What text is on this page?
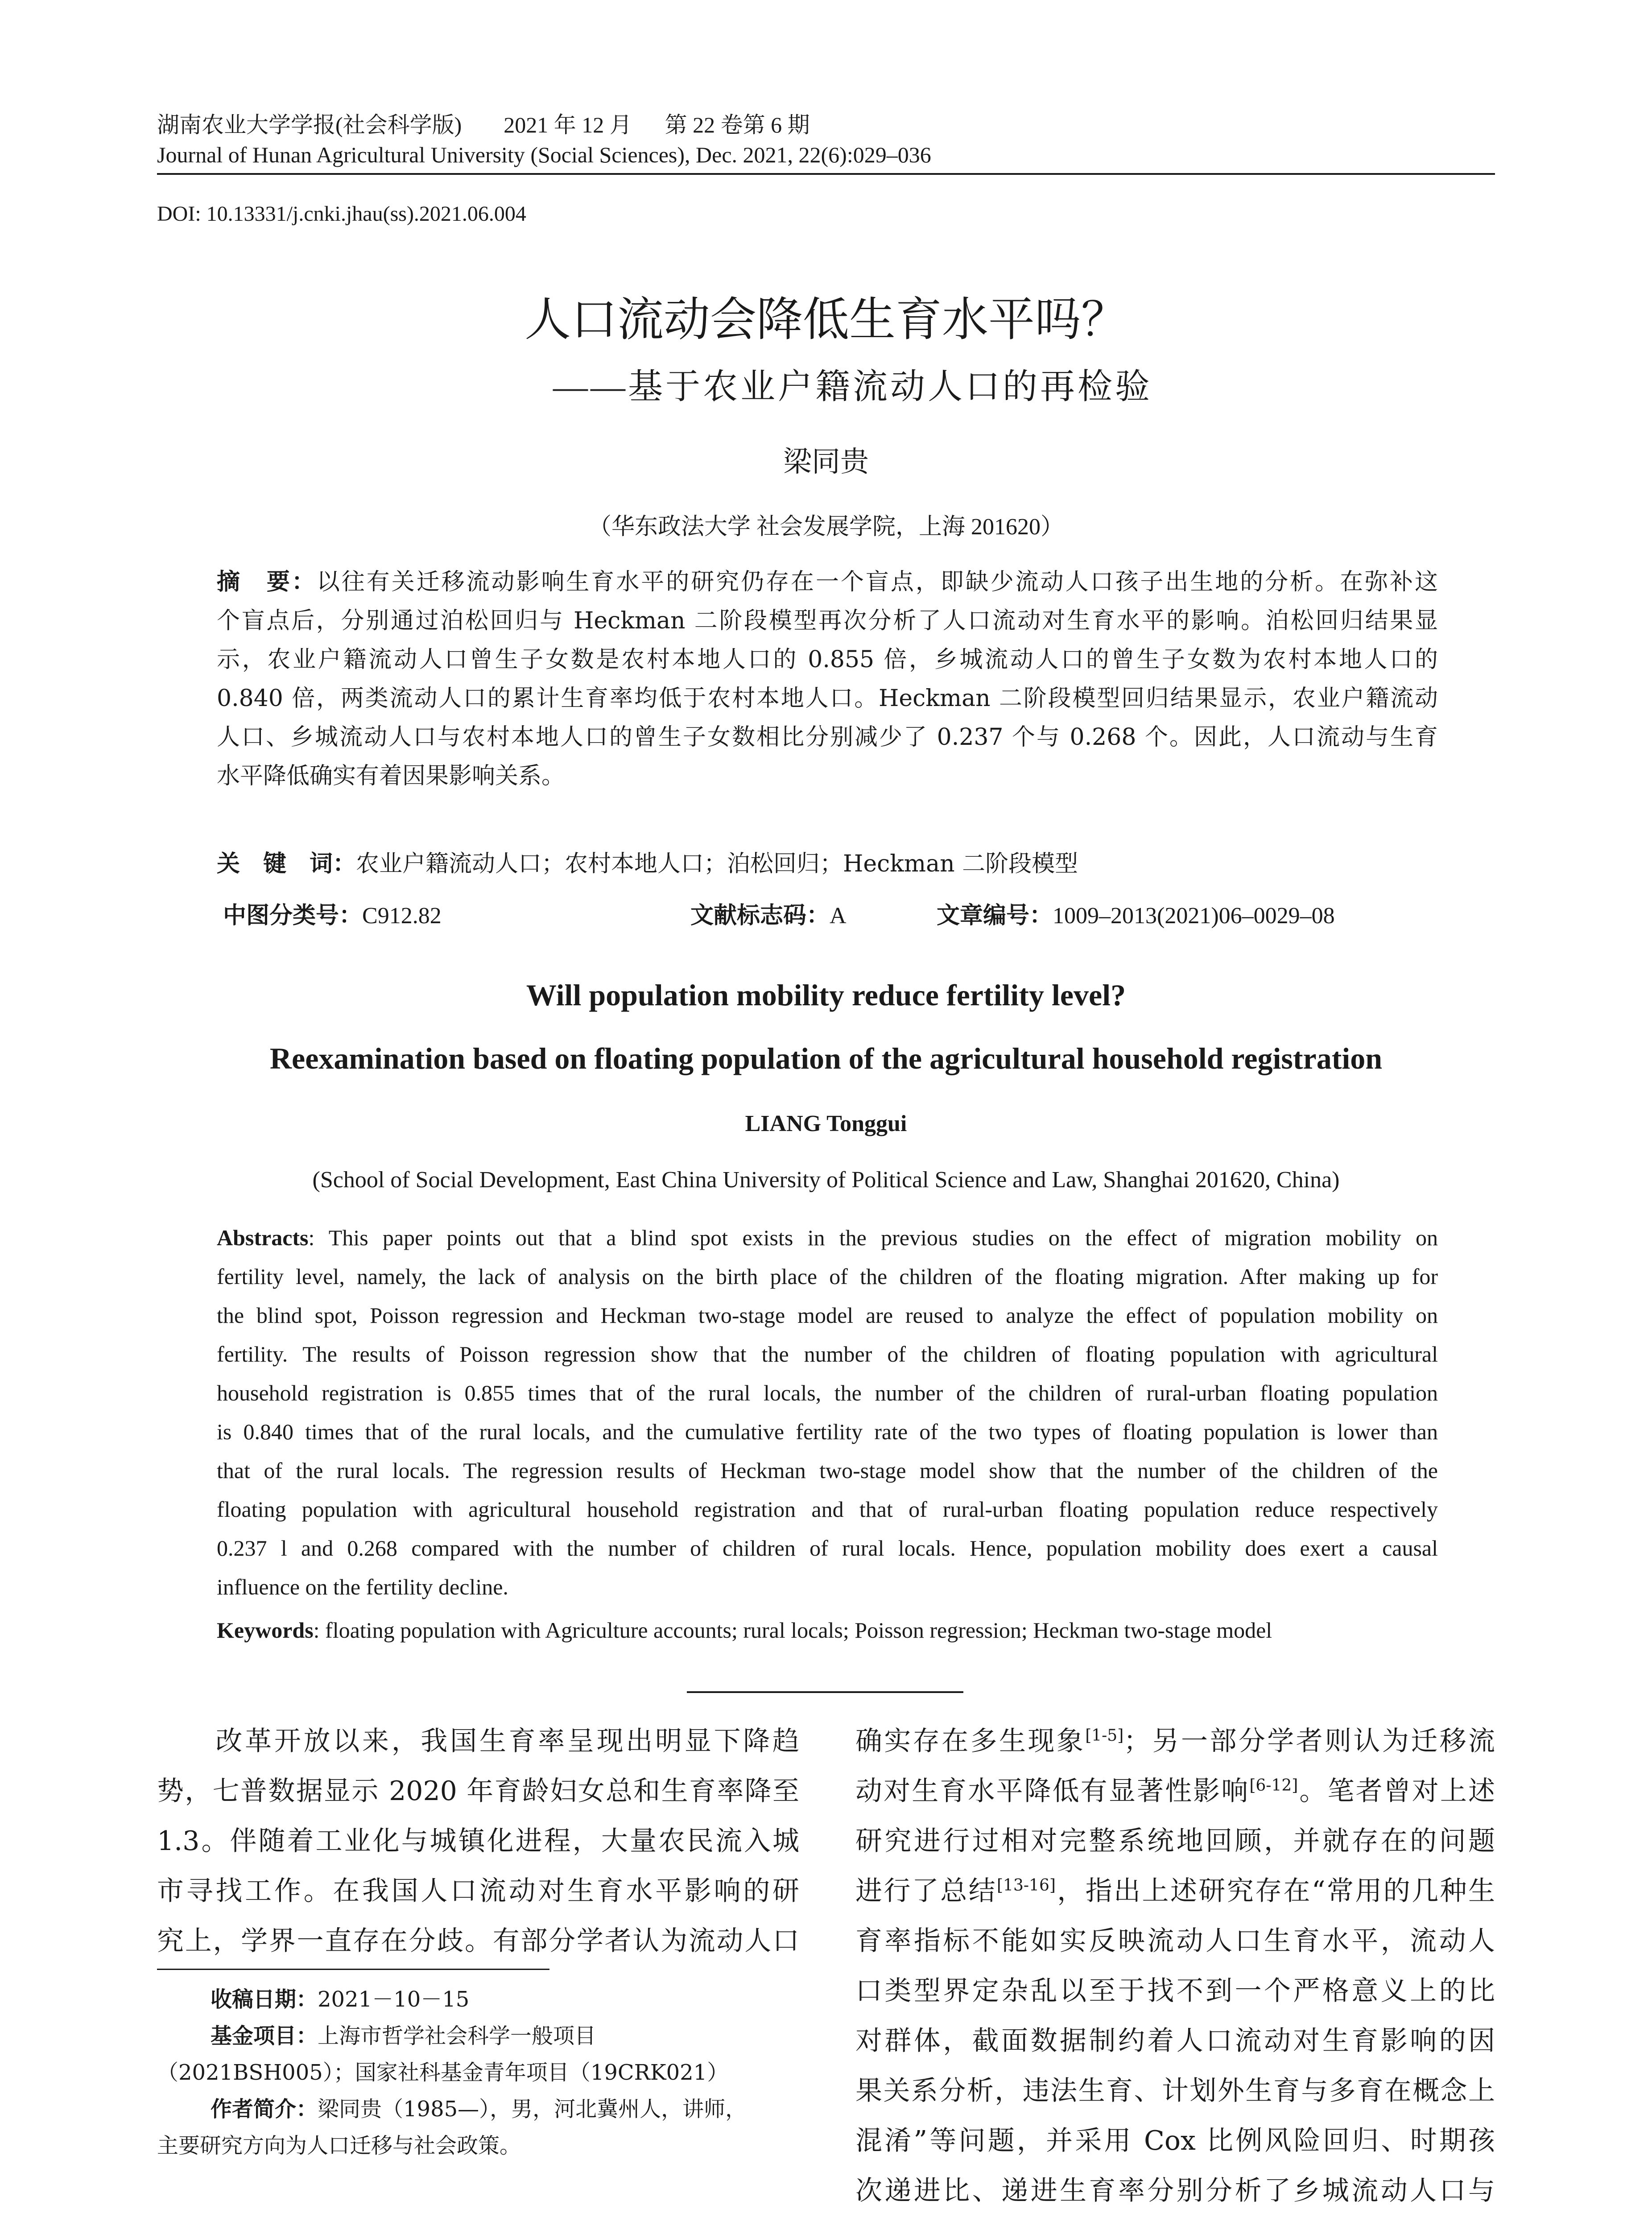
湖南农业大学学报(社会科学版) 2021 年 12 月 第 22 卷第 6 期
Journal of Hunan Agricultural University (Social Sciences), Dec. 2021, 22(6):029–036
DOI: 10.13331/j.cnki.jhau(ss).2021.06.004
人口流动会降低生育水平吗？
——基于农业户籍流动人口的再检验
梁同贵
（华东政法大学 社会发展学院，上海 201620）
摘　要：以往有关迁移流动影响生育水平的研究仍存在一个盲点，即缺少流动人口孩子出生地的分析。在弥补这
个盲点后，分别通过泊松回归与 Heckman 二阶段模型再次分析了人口流动对生育水平的影响。泊松回归结果显
示，农业户籍流动人口曾生子女数是农村本地人口的 0.855 倍，乡城流动人口的曾生子女数为农村本地人口的
0.840 倍，两类流动人口的累计生育率均低于农村本地人口。Heckman 二阶段模型回归结果显示，农业户籍流动
人口、乡城流动人口与农村本地人口的曾生子女数相比分别减少了 0.237 个与 0.268 个。因此，人口流动与生育
水平降低确实有着因果影响关系。
关　键　词：农业户籍流动人口；农村本地人口；泊松回归；Heckman 二阶段模型
中图分类号：C912.82	文献标志码：A	文章编号：1009–2013(2021)06–0029–08
Will population mobility reduce fertility level?
Reexamination based on floating population of the agricultural household registration
LIANG Tonggui
(School of Social Development, East China University of Political Science and Law, Shanghai 201620, China)
Abstracts: This paper points out that a blind spot exists in the previous studies on the effect of migration mobility on
fertility level, namely, the lack of analysis on the birth place of the children of the floating migration. After making up for
the blind spot, Poisson regression and Heckman two-stage model are reused to analyze the effect of population mobility on
fertility. The results of Poisson regression show that the number of the children of floating population with agricultural
household registration is 0.855 times that of the rural locals, the number of the children of rural-urban floating population
is 0.840 times that of the rural locals, and the cumulative fertility rate of the two types of floating population is lower than
that of the rural locals. The regression results of Heckman two-stage model show that the number of the children of the
floating population with agricultural household registration and that of rural-urban floating population reduce respectively
0.237 l and 0.268 compared with the number of children of rural locals. Hence, population mobility does exert a causal
influence on the fertility decline.
Keywords: floating population with Agriculture accounts; rural locals; Poisson regression; Heckman two-stage model
　　改革开放以来，我国生育率呈现出明显下降趋
势，七普数据显示 2020 年育龄妇女总和生育率降至
1.3。伴随着工业化与城镇化进程，大量农民流入城
市寻找工作。在我国人口流动对生育水平影响的研
究上，学界一直存在分歧。有部分学者认为流动人口
收稿日期：2021－10－15
基金项目：上海市哲学社会科学一般项目
（2021BSH005）；国家社科基金青年项目（19CRK021）
作者简介：梁同贵（1985—），男，河北冀州人，讲师，
主要研究方向为人口迁移与社会政策。
确实存在多生现象[1-5]；另一部分学者则认为迁移流
动对生育水平降低有显著性影响[6-12]。笔者曾对上述
研究进行过相对完整系统地回顾，并就存在的问题
进行了总结[13-16]，指出上述研究存在“常用的几种生
育率指标不能如实反映流动人口生育水平，流动人
口类型界定杂乱以至于找不到一个严格意义上的比
对群体，截面数据制约着人口流动对生育影响的因
果关系分析，违法生育、计划外生育与多育在概念上
混淆”等问题，并采用 Cox 比例风险回归、时期孩
次递进比、递进生育率分别分析了乡城流动人口与
